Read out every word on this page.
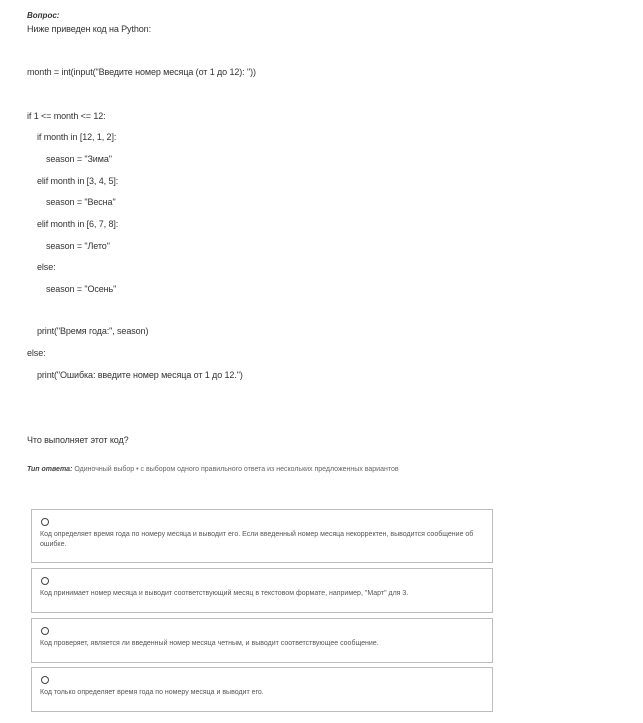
Вопрос:
Ниже приведен код на Python:
month = int(input("Введите номер месяца (от 1 до 12): "))
if 1 <= month <= 12:
if month in [12, 1, 2]:
season = "Зима"
elif month in [3, 4, 5]:
season = "Весна"
elif month in [6, 7, 8]:
season = "Лето"
else:
season = "Осень"
print("Время года:", season)
else:
print("Ошибка: введите номер месяца от 1 до 12.")
Что выполняет этот код?
Тип ответа: Одиночный выбор • с выбором одного правильного ответа из нескольких предложенных вариантов
Код определяет время года по номеру месяца и выводит его. Если введенный номер месяца некорректен, выводится сообщение об ошибке.
Код принимает номер месяца и выводит соответствующий месяц в текстовом формате, например, "Март" для 3.
Код проверяет, является ли введенный номер месяца четным, и выводит соответствующее сообщение.
Код только определяет время года по номеру месяца и выводит его.
